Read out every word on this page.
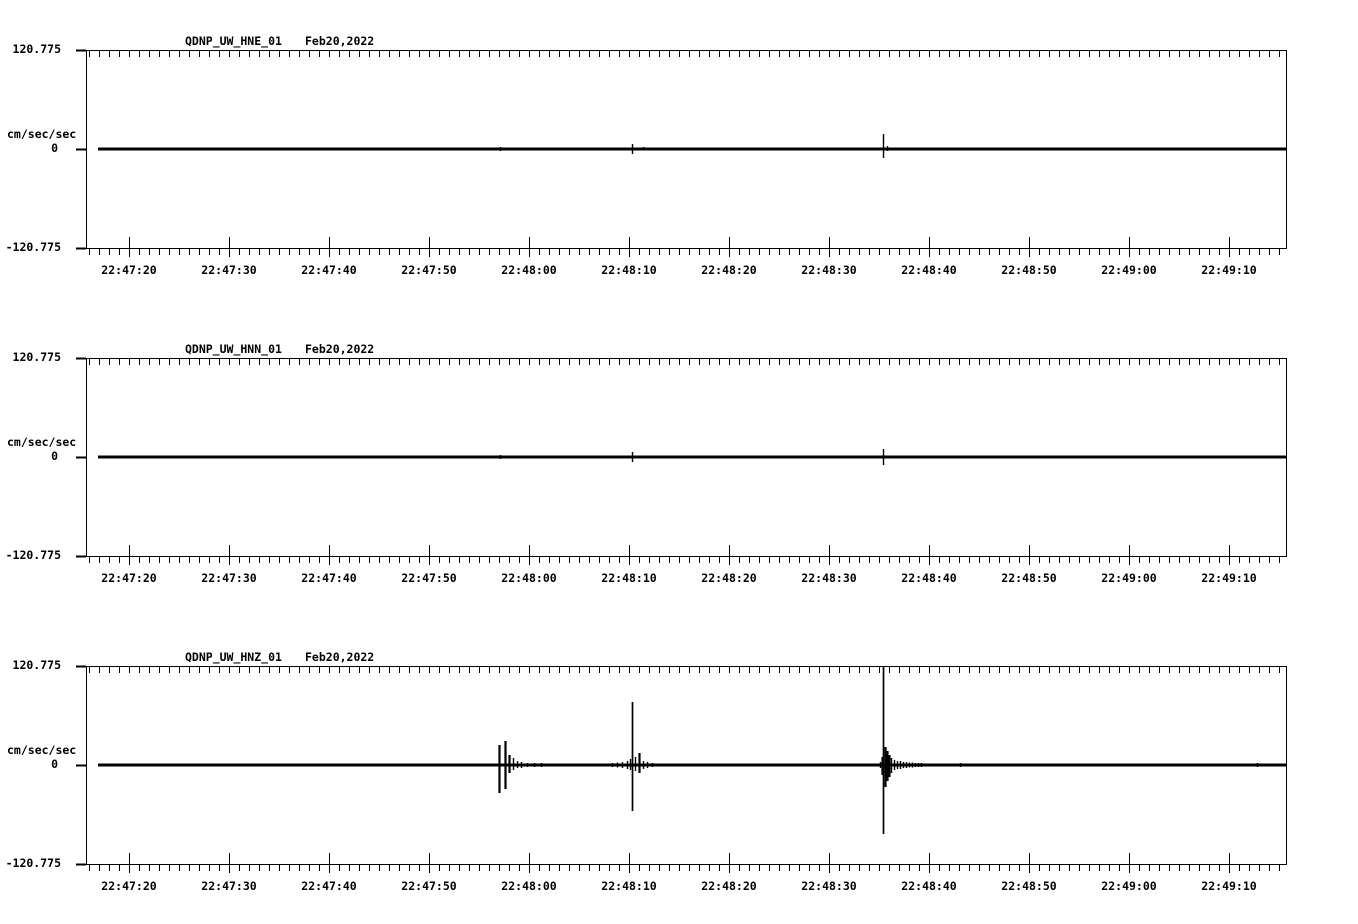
QDNP_UW_HNE_01 Feb20,2022
120.775
cm/sec/sec
0
-120.775
22:47:20	22:47:30	22:47:40	22:47:50	22:48:00	22:48:10	22:48:20	22:48:30	22:48:40	22:48:50	22:49:00	22:49:10
QDNP_UW_HNN_01 Feb20,2022
120.775
cm/sec/sec
0
-120.775
22:47:20	22:47:30	22:47:40	22:47:50	22:48:00	22:48:10	22:48:20	22:48:30	22:48:40	22:48:50	22:49:00	22:49:10
QDNP_UW_HNZ_01 Feb20,2022
120.775
cm/sec/sec
0
-120.775
22:47:20	22:47:30	22:47:40	22:47:50	22:48:00	22:48:10	22:48:20	22:48:30	22:48:40	22:48:50	22:49:00	22:49:10
